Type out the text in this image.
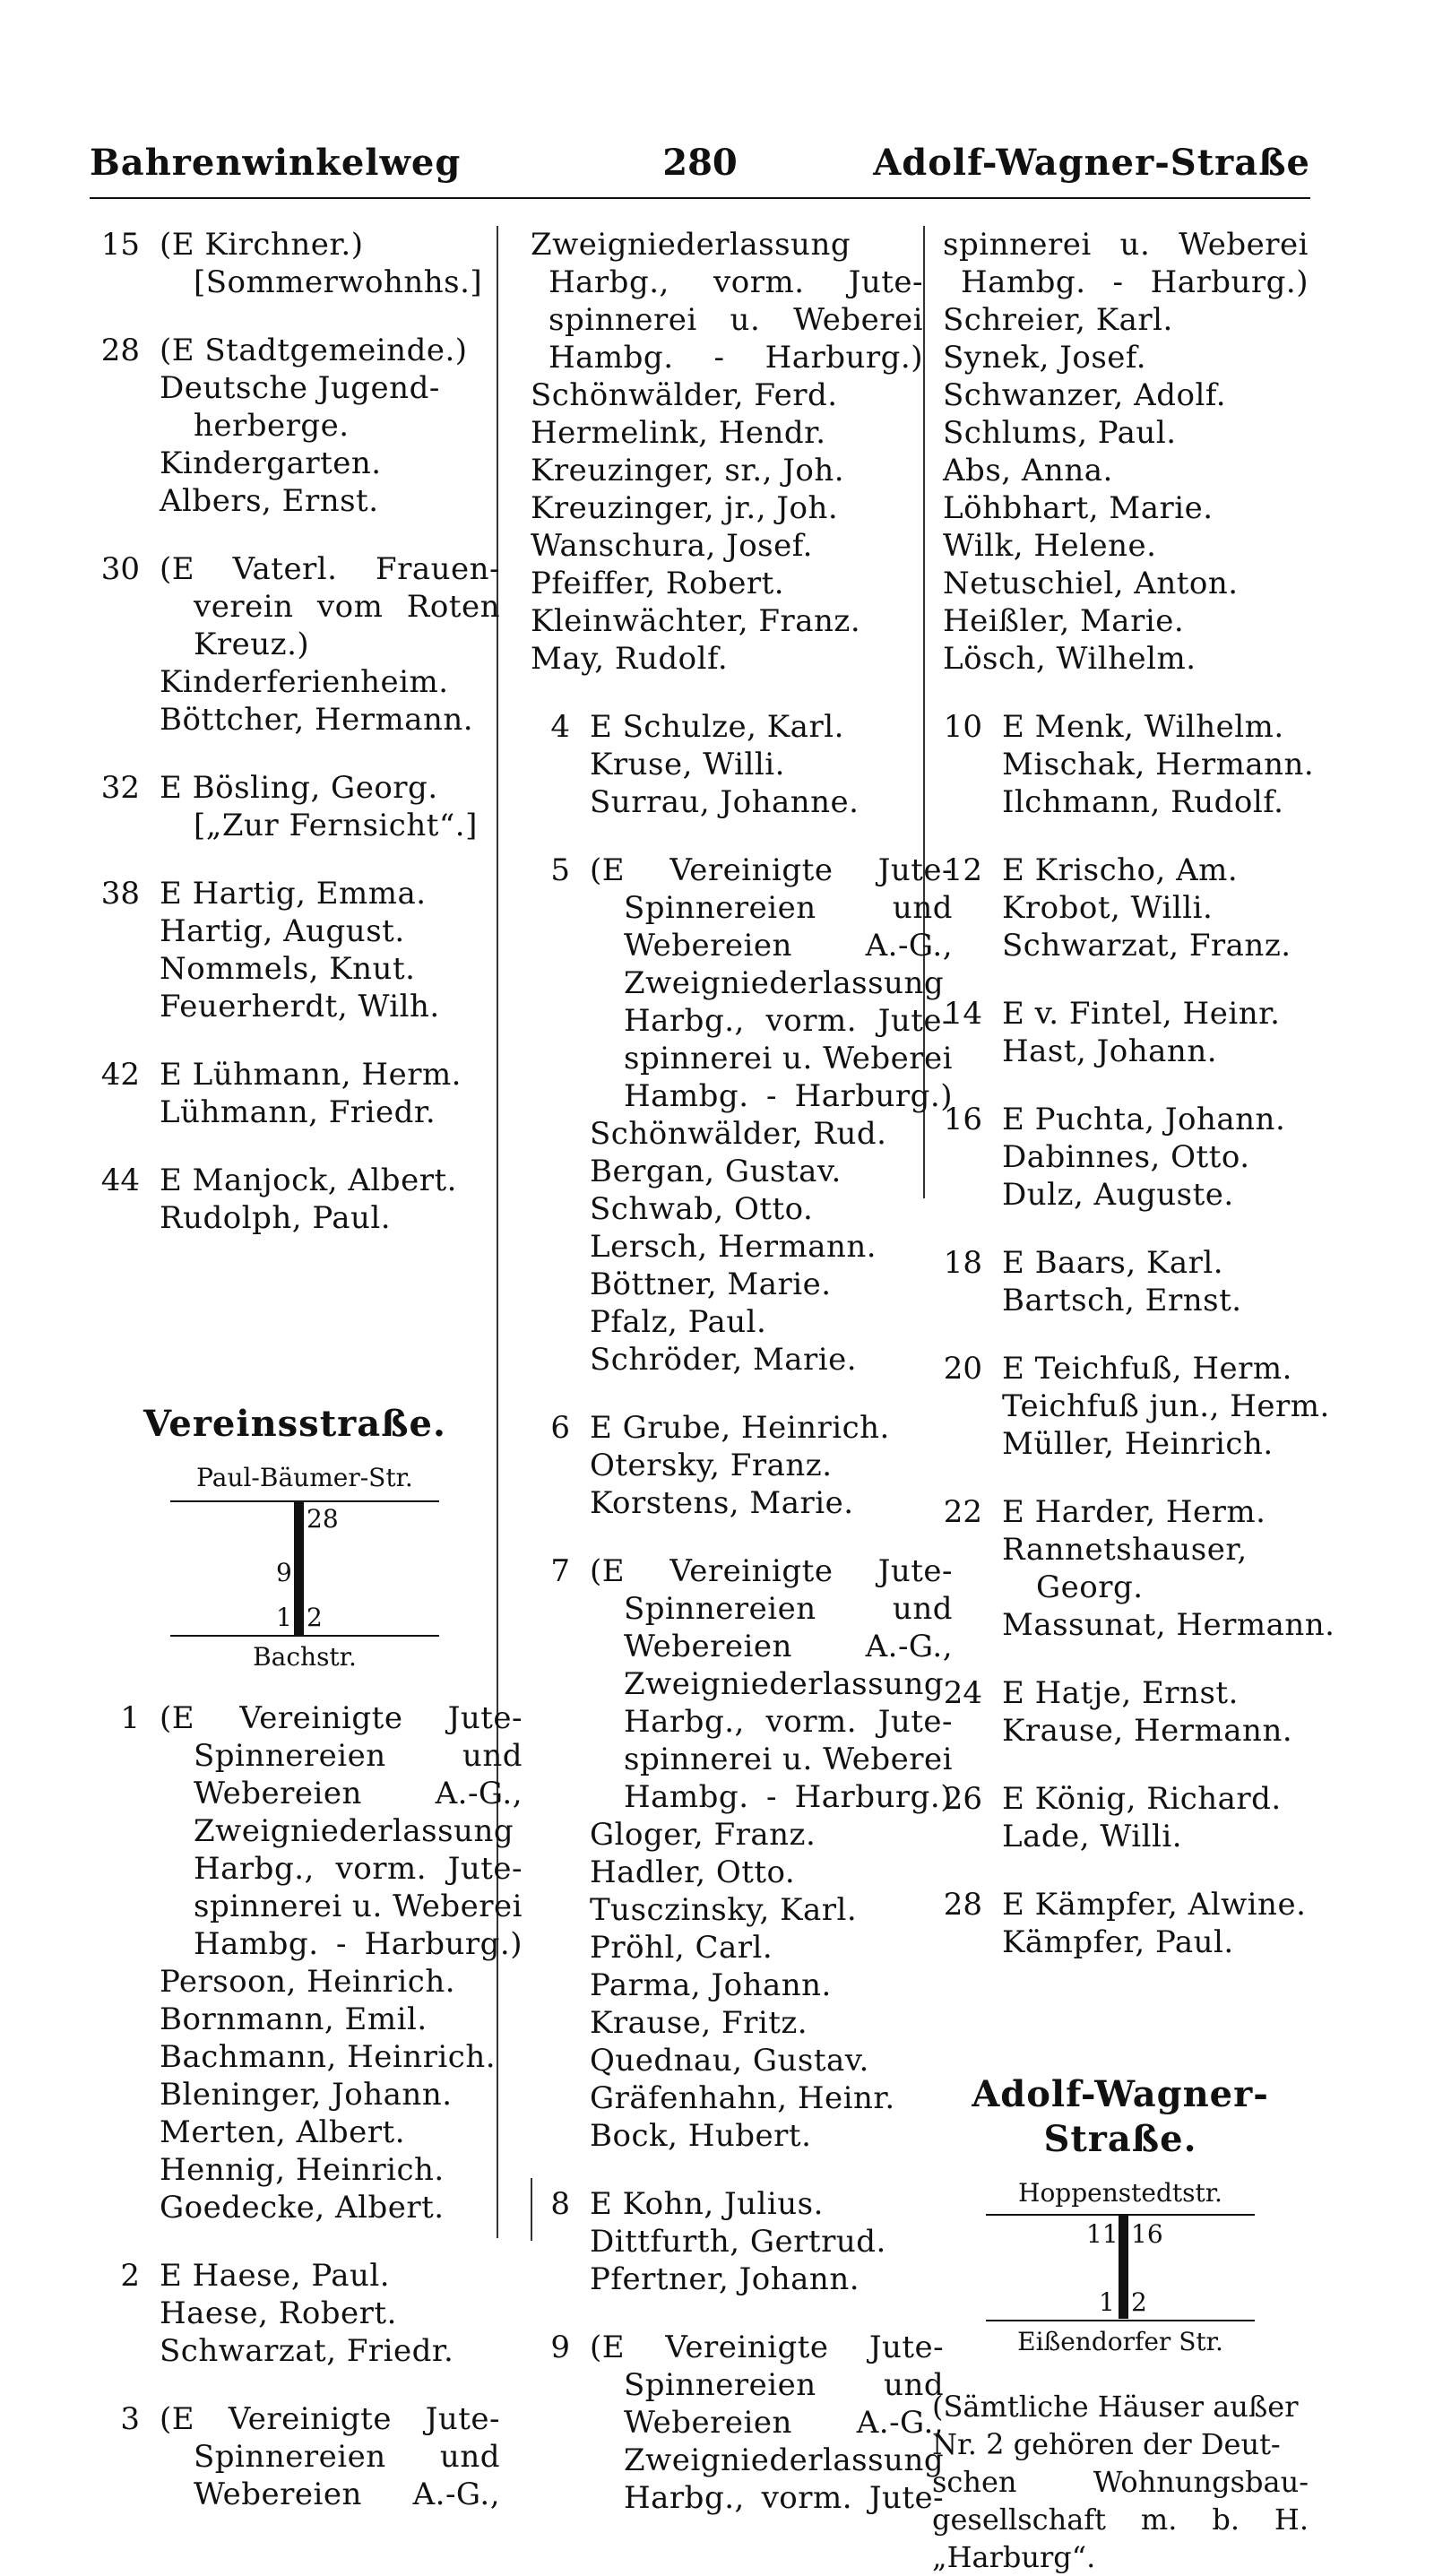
Bahrenwinkelweg	280	Adolf-Wagner-Straße
15 (E Kirchner.)
[Sommerwohnhs.]
28 (E Stadtgemeinde.)
Deutsche Jugend-
herberge.
Kindergarten.
Albers, Ernst.
30 (E Vaterl. Frauen-
verein vom Roten
Kreuz.)
Kinderferienheim.
Böttcher, Hermann.
32 E Bösling, Georg.
[„Zur Fernsicht“.]
38 E Hartig, Emma.
Hartig, August.
Nommels, Knut.
Feuerherdt, Wilh.
42 E Lühmann, Herm.
Lühmann, Friedr.
44 E Manjock, Albert.
Rudolph, Paul.
Vereinsstraße.
Paul-Bäumer-Str.
28
9
1 2
Bachstr.
1 (E Vereinigte Jute-
Spinnereien und
Webereien A.-G.,
Zweigniederlassung
Harbg., vorm. Jute-
spinnerei u. Weberei
Hambg. - Harburg.)
Persoon, Heinrich.
Bornmann, Emil.
Bachmann, Heinrich.
Bleninger, Johann.
Merten, Albert.
Hennig, Heinrich.
Goedecke, Albert.
2 E Haese, Paul.
Haese, Robert.
Schwarzat, Friedr.
3 (E Vereinigte Jute-
Spinnereien und
Webereien A.-G.,
Zweigniederlassung
Harbg., vorm. Jute-
spinnerei u. Weberei
Hambg. - Harburg.)
Schönwälder, Ferd.
Hermelink, Hendr.
Kreuzinger, sr., Joh.
Kreuzinger, jr., Joh.
Wanschura, Josef.
Pfeiffer, Robert.
Kleinwächter, Franz.
May, Rudolf.
4 E Schulze, Karl.
Kruse, Willi.
Surrau, Johanne.
5 (E Vereinigte Jute-
Spinnereien und
Webereien A.-G.,
Zweigniederlassung
Harbg., vorm. Jute-
spinnerei u. Weberei
Hambg. - Harburg.)
Schönwälder, Rud.
Bergan, Gustav.
Schwab, Otto.
Lersch, Hermann.
Böttner, Marie.
Pfalz, Paul.
Schröder, Marie.
6 E Grube, Heinrich.
Otersky, Franz.
Korstens, Marie.
7 (E Vereinigte Jute-
Spinnereien und
Webereien A.-G.,
Zweigniederlassung
Harbg., vorm. Jute-
spinnerei u. Weberei
Hambg. - Harburg.)
Gloger, Franz.
Hadler, Otto.
Tusczinsky, Karl.
Pröhl, Carl.
Parma, Johann.
Krause, Fritz.
Quednau, Gustav.
Gräfenhahn, Heinr.
Bock, Hubert.
8 E Kohn, Julius.
Dittfurth, Gertrud.
Pfertner, Johann.
9 (E Vereinigte Jute-
Spinnereien und
Webereien A.-G.,
Zweigniederlassung
Harbg., vorm. Jute-
spinnerei u. Weberei
Hambg. - Harburg.)
Schreier, Karl.
Synek, Josef.
Schwanzer, Adolf.
Schlums, Paul.
Abs, Anna.
Löhbhart, Marie.
Wilk, Helene.
Netuschiel, Anton.
Heißler, Marie.
Lösch, Wilhelm.
10 E Menk, Wilhelm.
Mischak, Hermann.
Ilchmann, Rudolf.
12 E Krischo, Am.
Krobot, Willi.
Schwarzat, Franz.
14 E v. Fintel, Heinr.
Hast, Johann.
16 E Puchta, Johann.
Dabinnes, Otto.
Dulz, Auguste.
18 E Baars, Karl.
Bartsch, Ernst.
20 E Teichfuß, Herm.
Teichfuß jun., Herm.
Müller, Heinrich.
22 E Harder, Herm.
Rannetshauser,
Georg.
Massunat, Hermann.
24 E Hatje, Ernst.
Krause, Hermann.
26 E König, Richard.
Lade, Willi.
28 E Kämpfer, Alwine.
Kämpfer, Paul.
Adolf-Wagner-
Straße.
Hoppenstedtstr.
11 16
1 2
Eißendorfer Str.
(Sämtliche Häuser außer
Nr. 2 gehören der Deut-
schen Wohnungsbau-
gesellschaft m. b. H.
„Harburg“.
